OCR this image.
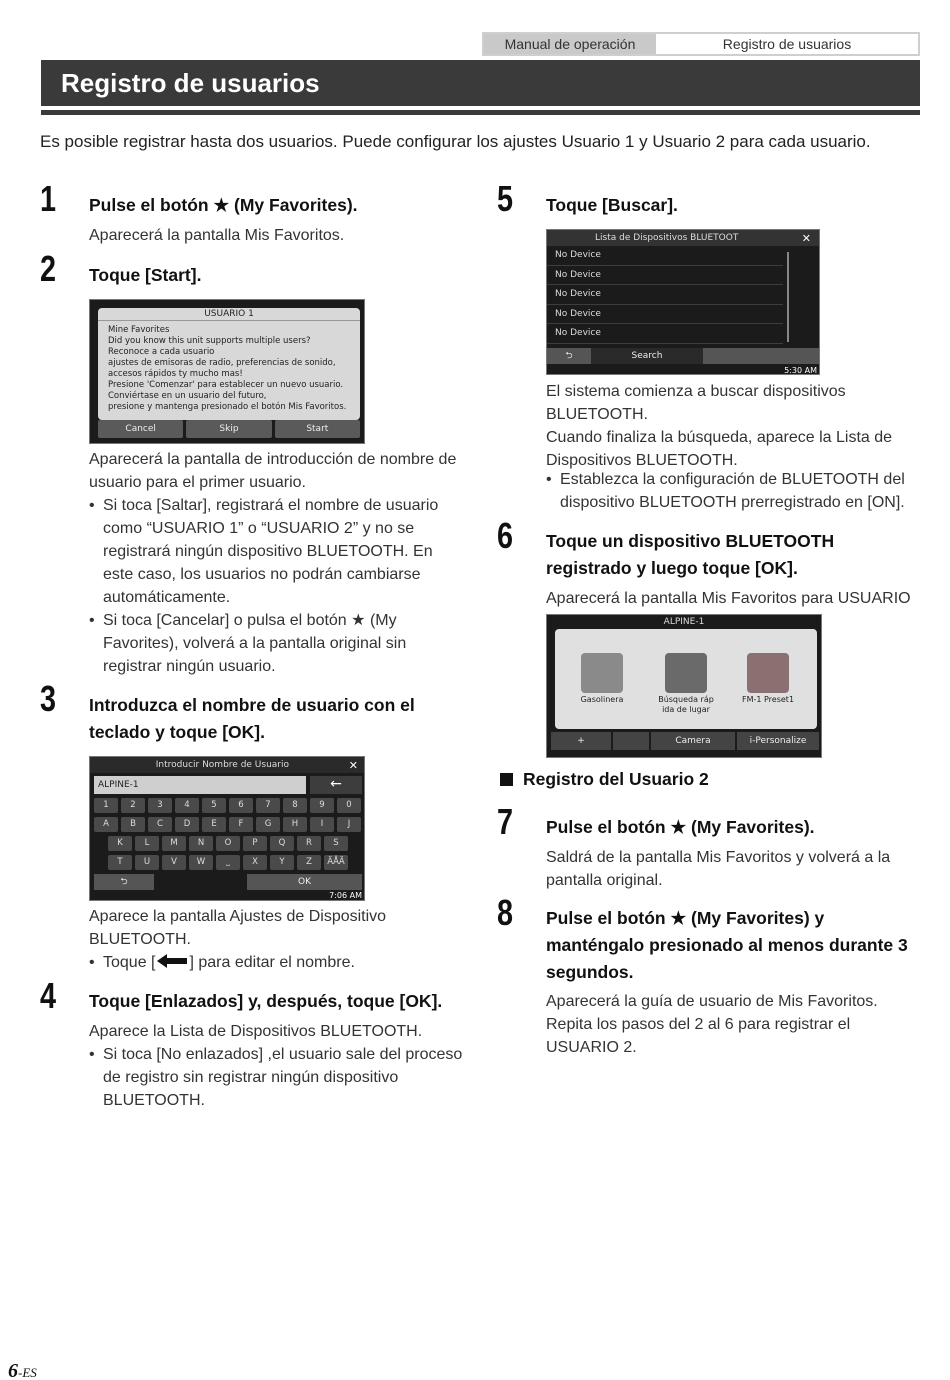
Manual de operación	Registro de usuarios
Registro de usuarios

Es posible registrar hasta dos usuarios. Puede configurar los ajustes Usuario 1 y Usuario 2 para cada usuario.

1 Pulse el botón ★ (My Favorites).
Aparecerá la pantalla Mis Favoritos.
2 Toque [Start].
USUARIO 1
Mine Favorites
Did you know this unit supports multiple users?
Reconoce a cada usuario
ajustes de emisoras de radio, preferencias de sonido, accesos rápidos ty mucho mas!
Presione 'Comenzar' para establecer un nuevo usuario. Conviértase en un usuario del futuro,
presione y mantenga presionado el botón Mis Favoritos.
Cancel	Skip	Start
Aparecerá la pantalla de introducción de nombre de usuario para el primer usuario.
• Si toca [Saltar], registrará el nombre de usuario como “USUARIO 1” o “USUARIO 2” y no se registrará ningún dispositivo BLUETOOTH. En este caso, los usuarios no podrán cambiarse automáticamente.
• Si toca [Cancelar] o pulsa el botón ★ (My Favorites), volverá a la pantalla original sin registrar ningún usuario.
3 Introduzca el nombre de usuario con el teclado y toque [OK].
Introducir Nombre de Usuario	✕
ALPINE-1	←
1	2	3	4	5	6	7	8	9	0
A	B	C	D	E	F	G	H	I	J
K	L	M	N	O	P	Q	R	S
T	U	V	W	⎵	X	Y	Z	ÄÅÄ
⮌	OK
7:06 AM
Aparece la pantalla Ajustes de Dispositivo BLUETOOTH.
• Toque [ ] para editar el nombre.
4 Toque [Enlazados] y, después, toque [OK].
Aparece la Lista de Dispositivos BLUETOOTH.
• Si toca [No enlazados] ,el usuario sale del proceso de registro sin registrar ningún dispositivo BLUETOOTH.
5 Toque [Buscar].
Lista de Dispositivos BLUETOOT	✕
No Device
No Device
No Device
No Device
No Device
⮌	Search
5:30 AM
El sistema comienza a buscar dispositivos BLUETOOTH.
Cuando finaliza la búsqueda, aparece la Lista de Dispositivos BLUETOOTH.
• Establezca la configuración de BLUETOOTH del dispositivo BLUETOOTH prerregistrado en [ON].
6 Toque un dispositivo BLUETOOTH registrado y luego toque [OK].
Aparecerá la pantalla Mis Favoritos para USUARIO
ALPINE-1
Gasolinera	Búsqueda ráp ida de lugar
FM-1 Preset1
+	Camera	i-Personalize
Registro del Usuario 2
7 Pulse el botón ★ (My Favorites).
Saldrá de la pantalla Mis Favoritos y volverá a la pantalla original.
8 Pulse el botón ★ (My Favorites) y manténgalo presionado al menos durante 3 segundos.
Aparecerá la guía de usuario de Mis Favoritos. Repita los pasos del 2 al 6 para registrar el USUARIO 2.
6-ES
